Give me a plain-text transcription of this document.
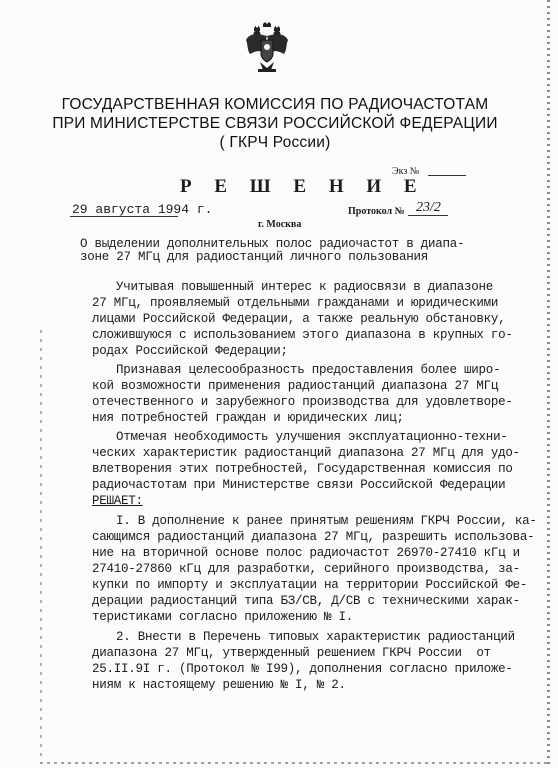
ГОСУДАРСТВЕННАЯ КОМИССИЯ ПО РАДИОЧАСТОТАМ
ПРИ МИНИСТЕРСТВЕ СВЯЗИ РОССИЙСКОЙ ФЕДЕРАЦИИ
( ГКРЧ России)
Экз №
Р Е Ш Е Н И Е
29 августа 1994 г.
г. Москва
Протокол № 23/2
О выделении дополнительных полос радиочастот в диапа-
зоне 27 МГц для радиостанций личного пользования
Учитывая повышенный интерес к радиосвязи в диапазоне
27 МГц, проявляемый отдельными гражданами и юридическими
лицами Российской Федерации, а также реальную обстановку,
сложившуюся с использованием этого диапазона в крупных го-
родах Российской Федерации;
Признавая целесообразность предоставления более широ-
кой возможности применения радиостанций диапазона 27 МГц
отечественного и зарубежного производства для удовлетворе-
ния потребностей граждан и юридических лиц;
Отмечая необходимость улучшения эксплуатационно-техни-
ческих характеристик радиостанций диапазона 27 МГц для удо-
влетворения этих потребностей, Государственная комиссия по
радиочастотам при Министерстве связи Российской Федерации
РЕШАЕТ:
I. В дополнение к ранее принятым решениям ГКРЧ России, ка-
сающимся радиостанций диапазона 27 МГц, разрешить использова-
ние на вторичной основе полос радиочастот 26970-27410 кГц и
27410-27860 кГц для разработки, серийного производства, за-
купки по импорту и эксплуатации на территории Российской Фе-
дерации радиостанций типа БЗ/СВ, Д/СВ с техническими харак-
теристиками согласно приложению № I.
2. Внести в Перечень типовых характеристик радиостанций
диапазона 27 МГц, утвержденный решением ГКРЧ России  от
25.II.9I г. (Протокол № I99), дополнения согласно приложе-
ниям к настоящему решению № I, № 2.
